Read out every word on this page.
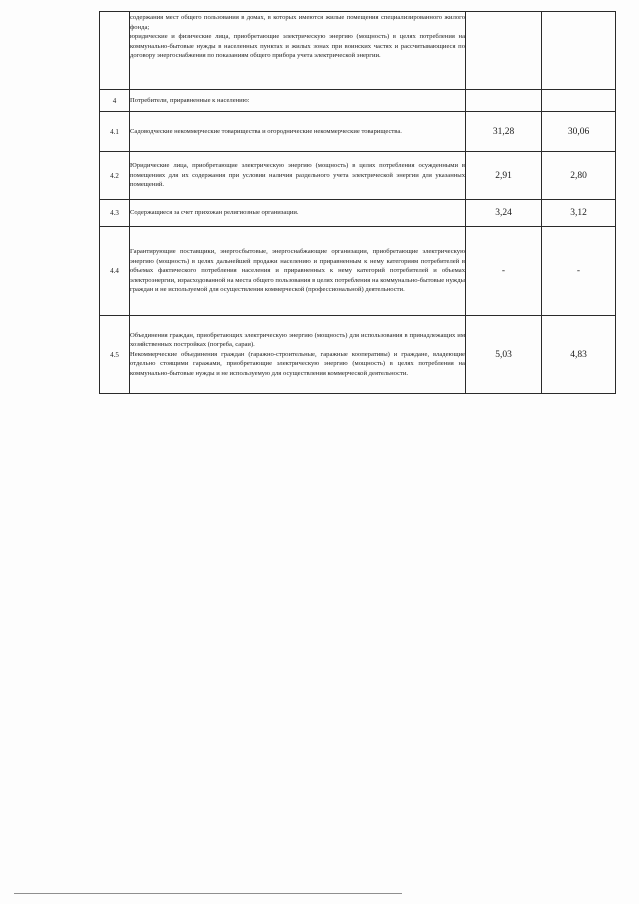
	содержания мест общего пользования в домах, в которых имеются жилые помещения специализированного жилого фонда;

юридические и физические лица, приобретающие электрическую энергию (мощность) в целях потребления на коммунально-бытовые нужды в населенных пунктах и жилых зонах при воинских частях и рассчитывающиеся по договору энергоснабжения по показаниям общего прибора учета электрической энергии.		

4	Потребители, приравненные к населению:		
4.1	Садоводческие некоммерческие товарищества и огороднические некоммерческие товарищества.	31,28	30,06
4.2	Юридические лица, приобретающие электрическую энергию (мощность) в целях потребления осужденными в помещениях для их содержания при условии наличия раздельного учета электрической энергии для указанных помещений.	2,91	2,80
4.3	Содержащиеся за счет прихожан религиозные организации.	3,24	3,12
4.4	Гарантирующие поставщики, энергосбытовые, энергоснабжающие организации, приобретающие электрическую энергию (мощность) в целях дальнейшей продажи населению и приравненным к нему категориям потребителей в объемах фактического потребления населения и приравненных к нему категорий потребителей и объемах электроэнергии, израсходованной на места общего пользования в целях потребления на коммунально-бытовые нужды граждан и не используемой для осуществления коммерческой (профессиональной) деятельности.	-	-
4.5	Объединения граждан, приобретающих электрическую энергию (мощность) для использования в принадлежащих им хозяйственных постройках (погреба, сараи).

Некоммерческие объединения граждан (гаражно-строительные, гаражные кооперативы) и граждане, владеющие отдельно стоящими гаражами, приобретающие электрическую энергию (мощность) в целях потребления на коммунально-бытовые нужды и не используемую для осуществления коммерческой деятельности.	5,03	4,83
